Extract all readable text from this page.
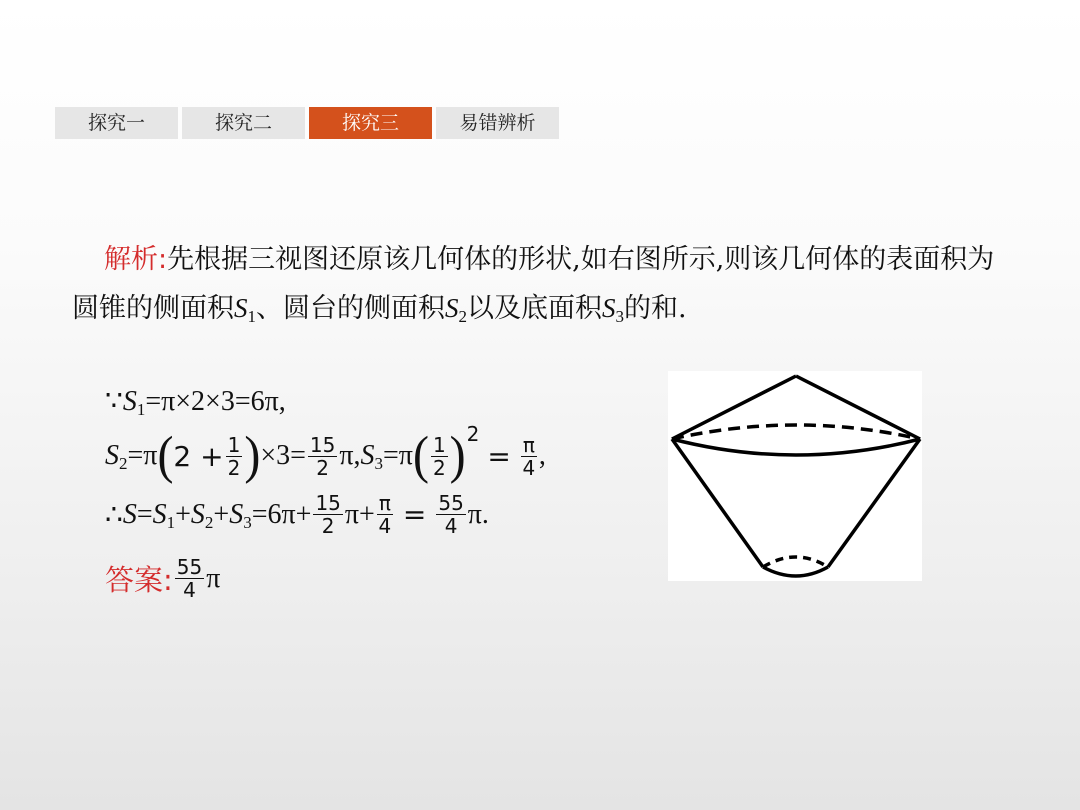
探究一	探究二	探究三	易错辨析
解析:先根据三视图还原该几何体的形状,如右图所示,则该几何体的表面积为圆锥的侧面积$S_1$、圆台的侧面积$S_2$以及底面积$S_3$的和.
$\because S_1=\pi\times 2\times 3=6\pi$,
$S_2 =\pi$ ( $2 + \frac{1}{2}$ ) $\times 3= \frac{15}{2} \pi$, $S_3 =\pi$ ( $\frac{1}{2}$ ) 2
= $\frac{\pi}{4}$ ,
∴ $S = S_1 + S_2 + S_3 =6\pi+ \frac{15}{2} \pi+ \frac{\pi}{4} = \frac{55}{4} \pi$.
答案: $\frac{55}{4}$ π
